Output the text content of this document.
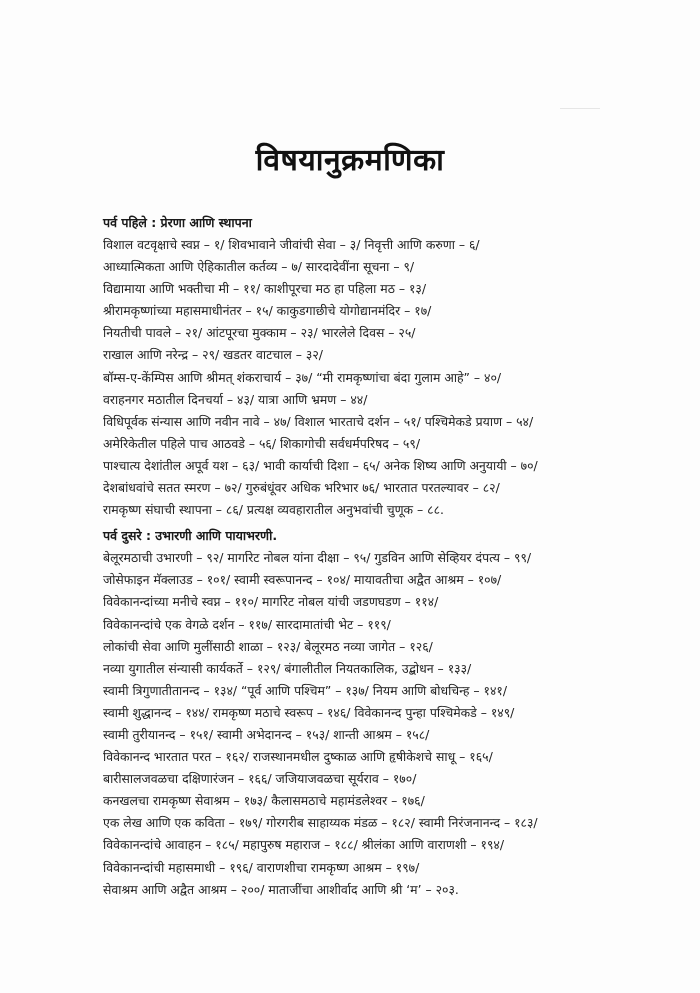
विषयानुक्रमणिका
पर्व पहिले : प्रेरणा आणि स्थापना
विशाल वटवृक्षाचे स्वप्न – १/ शिवभावाने जीवांची सेवा – ३/ निवृत्ती आणि करुणा – ६/
आध्यात्मिकता आणि ऐहिकातील कर्तव्य – ७/ सारदादेवींना सूचना – ९/
विद्यामाया आणि भक्तीचा मी – ११/ काशीपूरचा मठ हा पहिला मठ – १३/
श्रीरामकृष्णांच्या महासमाधीनंतर – १५/ काकुडगाछीचे योगोद्यानमंदिर – १७/
नियतीची पावले – २१/ आंटपूरचा मुक्काम – २३/ भारलेले दिवस – २५/
राखाल आणि नरेन्द्र – २९/ खडतर वाटचाल – ३२/
बॉम्स-ए-केंम्पिस आणि श्रीमत् शंकराचार्य – ३७/ “मी रामकृष्णांचा बंदा गुलाम आहे” – ४०/
वराहनगर मठातील दिनचर्या – ४३/ यात्रा आणि भ्रमण – ४४/
विधिपूर्वक संन्यास आणि नवीन नावे – ४७/ विशाल भारताचे दर्शन – ५१/ पश्चिमेकडे प्रयाण – ५४/
अमेरिकेतील पहिले पाच आठवडे – ५६/ शिकागोची सर्वधर्मपरिषद – ५९/
पाश्चात्य देशांतील अपूर्व यश – ६३/ भावी कार्याची दिशा – ६५/ अनेक शिष्य आणि अनुयायी – ७०/
देशबांधवांचे सतत स्मरण – ७२/ गुरुबंधूंवर अधिक भरिभार ७६/ भारतात परतल्यावर – ८२/
रामकृष्ण संघाची स्थापना – ८६/ प्रत्यक्ष व्यवहारातील अनुभवांची चुणूक – ८८.
पर्व दुसरे : उभारणी आणि पायाभरणी.
बेलूरमठाची उभारणी – ९२/ मार्गारेट नोबल यांना दीक्षा – ९५/ गुडविन आणि सेव्हियर दंपत्य – ९९/
जोसेफाइन मॅक्लाउड – १०१/ स्वामी स्वरूपानन्द – १०४/ मायावतीचा अद्वैत आश्रम – १०७/
विवेकानन्दांच्या मनीचे स्वप्न – ११०/ मार्गारेट नोबल यांची जडणघडण – ११४/
विवेकानन्दांचे एक वेगळे दर्शन – ११७/ सारदामातांची भेट – ११९/
लोकांची सेवा आणि मुलींसाठी शाळा – १२३/ बेलूरमठ नव्या जागेत – १२६/
नव्या युगातील संन्यासी कार्यकर्ते – १२९/ बंगालीतील नियतकालिक, उद्बोधन – १३३/
स्वामी त्रिगुणातीतानन्द – १३४/ “पूर्व आणि पश्चिम” – १३७/ नियम आणि बोधचिन्ह – १४१/
स्वामी शुद्धानन्द – १४४/ रामकृष्ण मठाचे स्वरूप – १४६/ विवेकानन्द पुन्हा पश्चिमेकडे – १४९/
स्वामी तुरीयानन्द – १५१/ स्वामी अभेदानन्द – १५३/ शान्ती आश्रम – १५८/
विवेकानन्द भारतात परत – १६२/ राजस्थानमधील दुष्काळ आणि हृषीकेशचे साधू – १६५/
बारीसालजवळचा दक्षिणारंजन – १६६/ जजियाजवळचा सूर्यराव – १७०/
कनखलचा रामकृष्ण सेवाश्रम – १७३/ कैलासमठाचे महामंडलेश्वर – १७६/
एक लेख आणि एक कविता – १७९/ गोरगरीब साहाय्यक मंडळ – १८२/ स्वामी निरंजनानन्द – १८३/
विवेकानन्दांचे आवाहन – १८५/ महापुरुष महाराज – १८८/ श्रीलंका आणि वाराणशी – १९४/
विवेकानन्दांची महासमाधी – १९६/ वाराणशीचा रामकृष्ण आश्रम – १९७/
सेवाश्रम आणि अद्वैत आश्रम – २००/ माताजींचा आशीर्वाद आणि श्री ‘म’ – २०३.
